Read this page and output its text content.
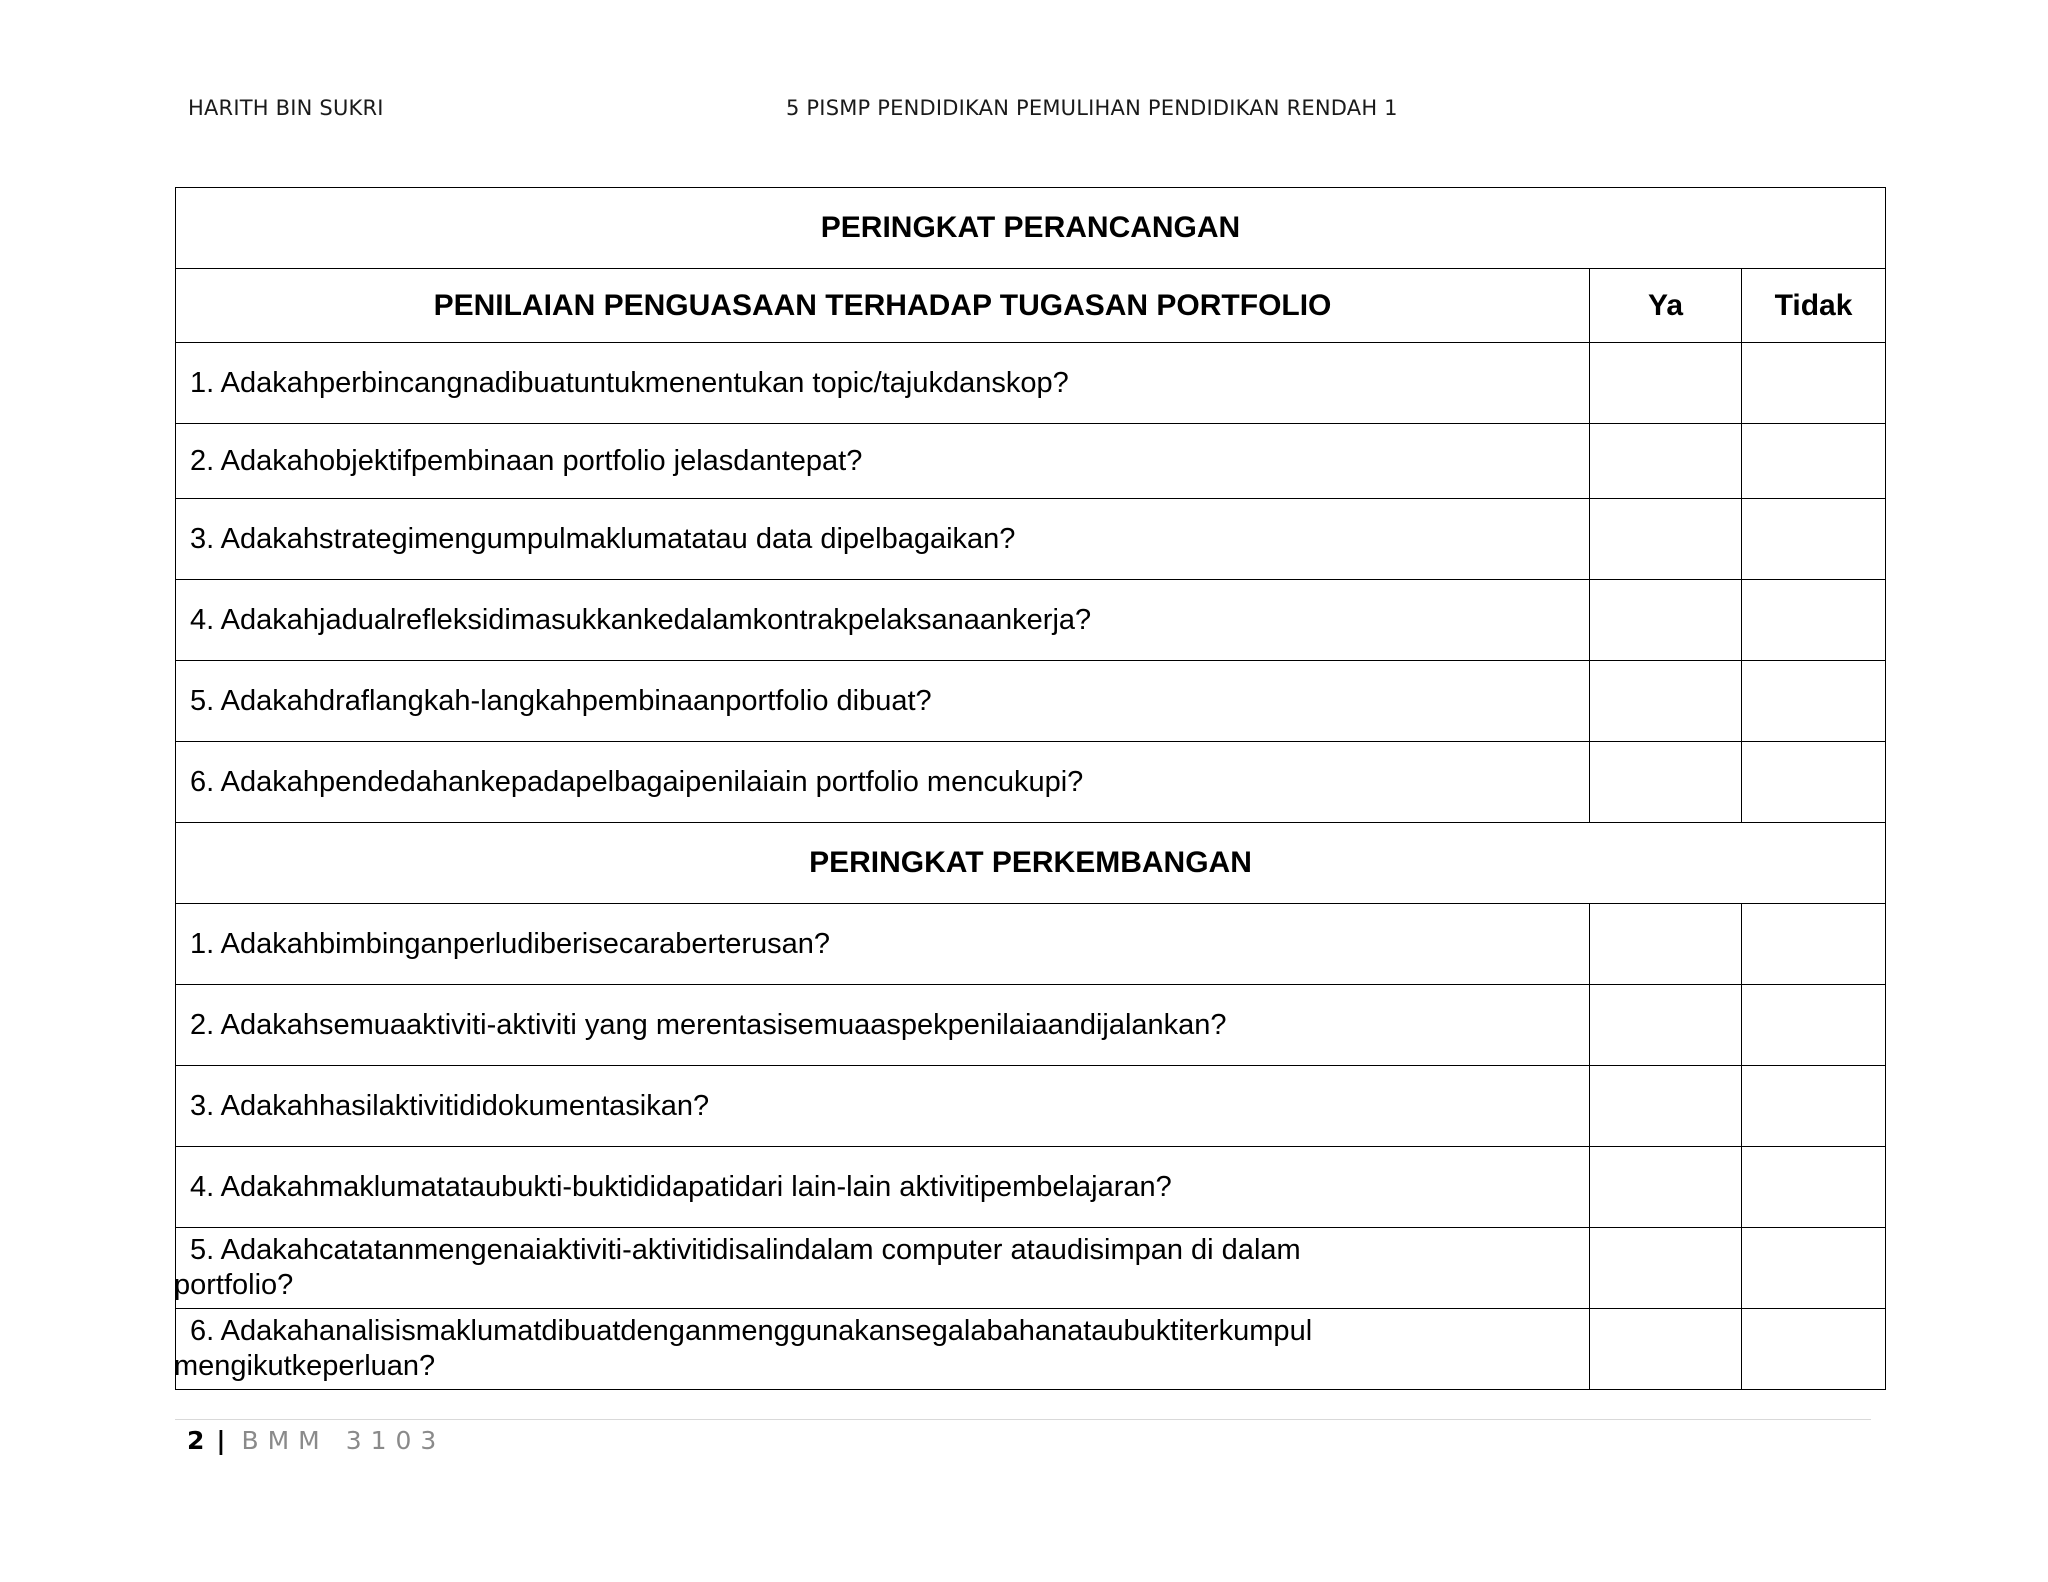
HARITH BIN SUKRI	5 PISMP PENDIDIKAN PEMULIHAN PENDIDIKAN RENDAH 1
PERINGKAT PERANCANGAN		
PENILAIAN PENGUASAAN TERHADAP TUGASAN PORTFOLIO	Ya	Tidak
1. Adakahperbincangnadibuatuntukmenentukan topic/tajukdanskop?		
2. Adakahobjektifpembinaan portfolio jelasdantepat?		
3. Adakahstrategimengumpulmaklumatatau data dipelbagaikan?		
4. Adakahjadualrefleksidimasukkankedalamkontrakpelaksanaankerja?		
5. Adakahdraflangkah-langkahpembinaanportfolio dibuat?		
6. Adakahpendedahankepadapelbagaipenilaiain portfolio mencukupi?		
PERINGKAT PERKEMBANGAN		
1. Adakahbimbinganperludiberisecaraberterusan?		
2. Adakahsemuaaktiviti-aktiviti yang merentasisemuaaspekpenilaiaandijalankan?		
3. Adakahhasilaktivitididokumentasikan?		
4. Adakahmaklumatataubukti-buktididapatidari lain-lain aktivitipembelajaran?		

5. Adakahcatatanmengenaiaktiviti-aktivitidisalindalam computer ataudisimpan di dalam
portfolio?		

6. Adakahanalisismaklumatdibuatdenganmenggunakansegalabahanataubuktiterkumpul
mengikutkeperluan?		

2 | BMM 3103
